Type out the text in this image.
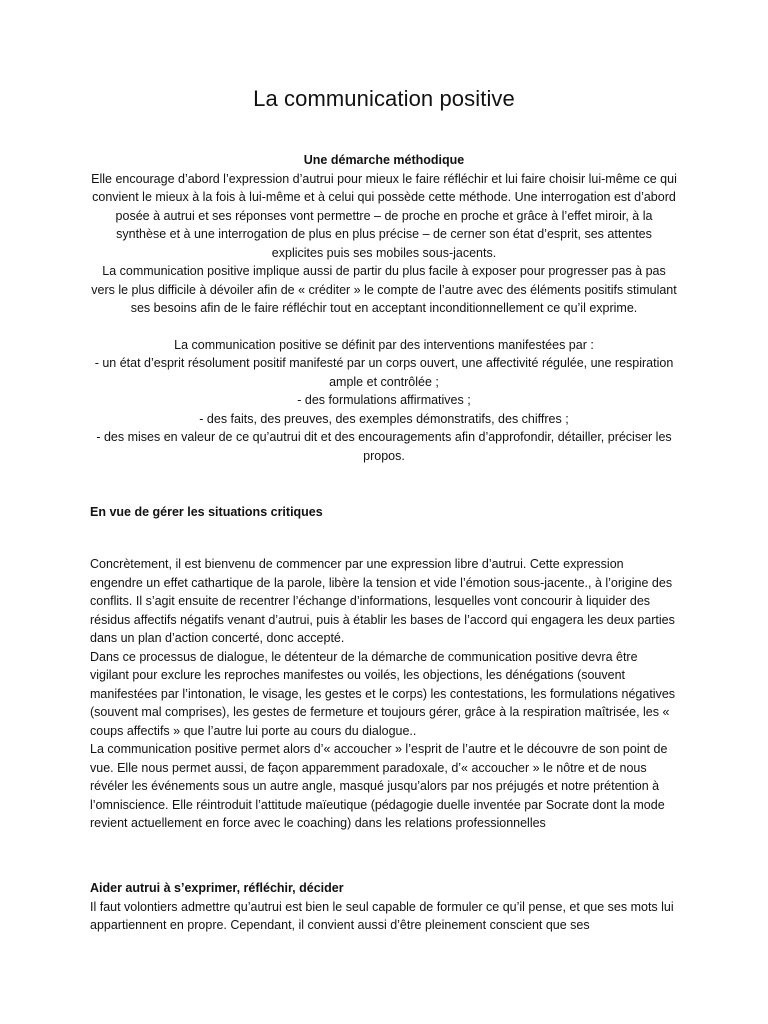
La communication positive
Une démarche méthodique

Elle encourage d’abord l’expression d’autrui pour mieux le faire réfléchir et lui faire choisir lui-même ce qui convient le mieux à la fois à lui-même et à celui qui possède cette méthode. Une interrogation est d’abord posée à autrui et ses réponses vont permettre – de proche en proche et grâce à l’effet miroir, à la synthèse et à une interrogation de plus en plus précise – de cerner son état d’esprit, ses attentes explicites puis ses mobiles sous-jacents.

La communication positive implique aussi de partir du plus facile à exposer pour progresser pas à pas vers le plus difficile à dévoiler afin de « créditer » le compte de l’autre avec des éléments positifs stimulant ses besoins afin de le faire réfléchir tout en acceptant inconditionnellement ce qu’il exprime.

La communication positive se définit par des interventions manifestées par :

- un état d’esprit résolument positif manifesté par un corps ouvert, une affectivité régulée, une respiration ample et contrôlée ;

- des formulations affirmatives ;

- des faits, des preuves, des exemples démonstratifs, des chiffres ;

- des mises en valeur de ce qu’autrui dit et des encouragements afin d’approfondir, détailler, préciser les propos.

En vue de gérer les situations critiques

Concrètement, il est bienvenu de commencer par une expression libre d’autrui. Cette expression engendre un effet cathartique de la parole, libère la tension et vide l’émotion sous-jacente., à l’origine des conflits. Il s’agit ensuite de recentrer l’échange d’informations, lesquelles vont concourir à liquider des résidus affectifs négatifs venant d’autrui, puis à établir les bases de l’accord qui engagera les deux parties dans un plan d’action concerté, donc accepté.

Dans ce processus de dialogue, le détenteur de la démarche de communication positive devra être vigilant pour exclure les reproches manifestes ou voilés, les objections, les dénégations (souvent manifestées par l’intonation, le visage, les gestes et le corps) les contestations, les formulations négatives (souvent mal comprises), les gestes de fermeture et toujours gérer, grâce à la respiration maîtrisée, les « coups affectifs » que l’autre lui porte au cours du dialogue..

La communication positive permet alors d’« accoucher » l’esprit de l’autre et le découvre de son point de vue. Elle nous permet aussi, de façon apparemment paradoxale, d’« accoucher » le nôtre et de nous révéler les événements sous un autre angle, masqué jusqu’alors par nos préjugés et notre prétention à l’omniscience. Elle réintroduit l’attitude maïeutique (pédagogie duelle inventée par Socrate dont la mode revient actuellement en force avec le coaching) dans les relations professionnelles

Aider autrui à s’exprimer, réfléchir, décider

Il faut volontiers admettre qu’autrui est bien le seul capable de formuler ce qu’il pense, et que ses mots lui appartiennent en propre. Cependant, il convient aussi d’être pleinement conscient que ses
